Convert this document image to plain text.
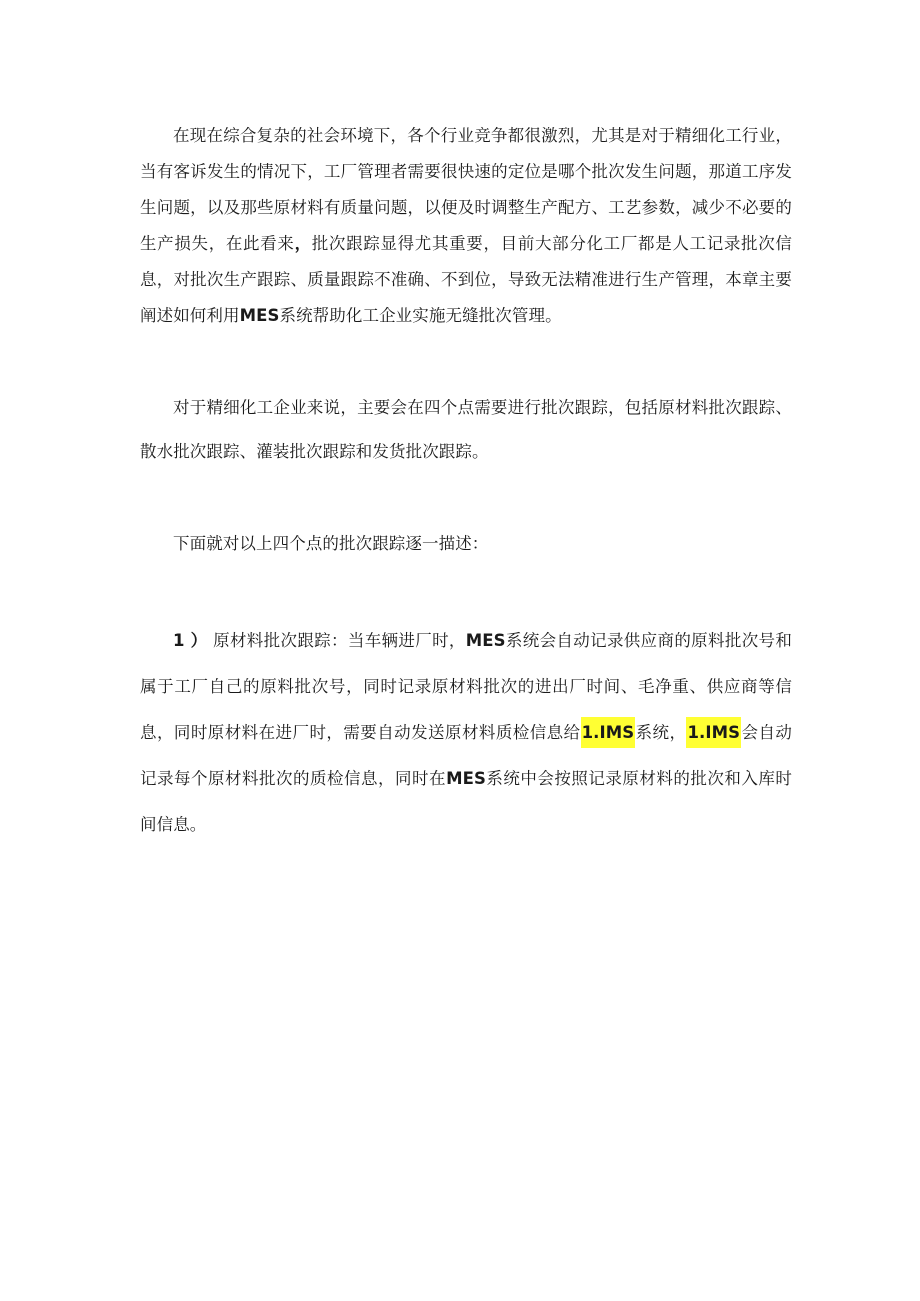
在现在综合复杂的社会环境下，各个行业竞争都很激烈，尤其是对于精细化工行业，当有客诉发生的情况下，工厂管理者需要很快速的定位是哪个批次发生问题，那道工序发生问题，以及那些原材料有质量问题，以便及时调整生产配方、工艺参数，减少不必要的生产损失，在此看来，批次跟踪显得尤其重要，目前大部分化工厂都是人工记录批次信息，对批次生产跟踪、质量跟踪不准确、不到位，导致无法精准进行生产管理，本章主要阐述如何利用MES系统帮助化工企业实施无缝批次管理。

对于精细化工企业来说，主要会在四个点需要进行批次跟踪，包括原材料批次跟踪、散水批次跟踪、灌装批次跟踪和发货批次跟踪。

下面就对以上四个点的批次跟踪逐一描述：

1 ） 原材料批次跟踪：当车辆进厂时，MES系统会自动记录供应商的原料批次号和属于工厂自己的原料批次号，同时记录原材料批次的进出厂时间、毛净重、供应商等信息，同时原材料在进厂时，需要自动发送原材料质检信息给1.IMS系统，1.IMS会自动记录每个原材料批次的质检信息，同时在MES系统中会按照记录原材料的批次和入库时间信息。
